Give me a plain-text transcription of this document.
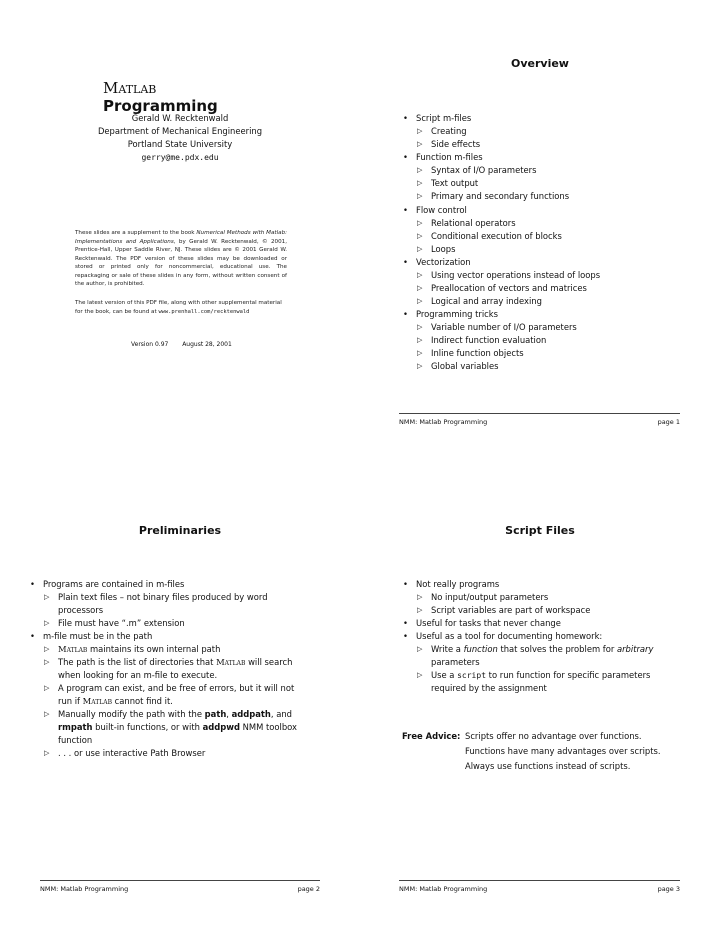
Matlab Programming
Gerald W. Recktenwald
Department of Mechanical Engineering
Portland State University
gerry@me.pdx.edu
These slides are a supplement to the book Numerical Methods with Matlab: Implementations and Applications, by Gerald W. Recktenwald, © 2001, Prentice-Hall, Upper Saddle River, NJ. These slides are © 2001 Gerald W. Recktenwald. The PDF version of these slides may be downloaded or stored or printed only for noncommercial, educational use. The repackaging or sale of these slides in any form, without written consent of the author, is prohibited.
The latest version of this PDF file, along with other supplemental material for the book, can be found at www.prenhall.com/recktenwald
Version 0.97 August 28, 2001
Overview
• Script m-files
▷ Creating
▷ Side effects
• Function m-files
▷ Syntax of I/O parameters
▷ Text output
▷ Primary and secondary functions
• Flow control
▷ Relational operators
▷ Conditional execution of blocks
▷ Loops
• Vectorization
▷ Using vector operations instead of loops
▷ Preallocation of vectors and matrices
▷ Logical and array indexing
• Programming tricks
▷ Variable number of I/O parameters
▷ Indirect function evaluation
▷ Inline function objects
▷ Global variables
NMM: Matlab Programming	page 1
Preliminaries
• Programs are contained in m-files
▷ Plain text files – not binary files produced by word
processors
▷ File must have “.m” extension
• m-file must be in the path
▷ Matlab maintains its own internal path
▷ The path is the list of directories that Matlab will search
when looking for an m-file to execute.
▷ A program can exist, and be free of errors, but it will not
run if Matlab cannot find it.
▷ Manually modify the path with the path, addpath, and
rmpath built-in functions, or with addpwd NMM toolbox
function
▷ . . . or use interactive Path Browser
NMM: Matlab Programming	page 2
Script Files
• Not really programs
▷ No input/output parameters
▷ Script variables are part of workspace
• Useful for tasks that never change
• Useful as a tool for documenting homework:
▷ Write a function that solves the problem for arbitrary
parameters
▷ Use a script to run function for specific parameters
required by the assignment
Free Advice: Scripts offer no advantage over functions.
Functions have many advantages over scripts.
Always use functions instead of scripts.
NMM: Matlab Programming	page 3
